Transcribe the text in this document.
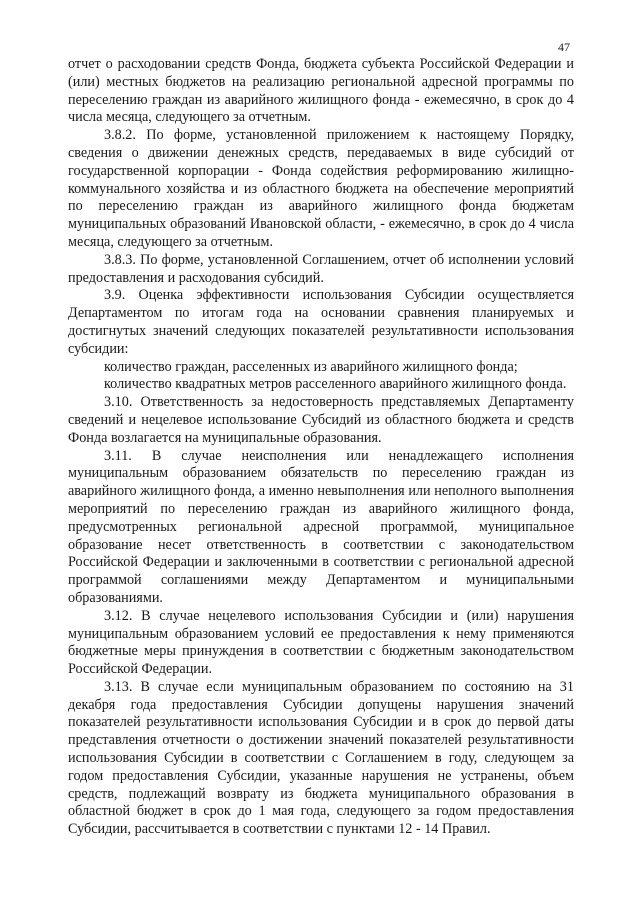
47

отчет о расходовании средств Фонда, бюджета субъекта Российской Федерации и (или) местных бюджетов на реализацию региональной адресной программы по переселению граждан из аварийного жилищного фонда - ежемесячно, в срок до 4 числа месяца, следующего за отчетным.

3.8.2. По форме, установленной приложением к настоящему Порядку, сведения о движении денежных средств, передаваемых в виде субсидий от государственной корпорации - Фонда содействия реформированию жилищно-коммунального хозяйства и из областного бюджета на обеспечение мероприятий по переселению граждан из аварийного жилищного фонда бюджетам муниципальных образований Ивановской области, - ежемесячно, в срок до 4 числа месяца, следующего за отчетным.

3.8.3. По форме, установленной Соглашением, отчет об исполнении условий предоставления и расходования субсидий.

3.9. Оценка эффективности использования Субсидии осуществляется Департаментом по итогам года на основании сравнения планируемых и достигнутых значений следующих показателей результативности использования субсидии:

количество граждан, расселенных из аварийного жилищного фонда;

количество квадратных метров расселенного аварийного жилищного фонда.

3.10. Ответственность за недостоверность представляемых Департаменту сведений и нецелевое использование Субсидий из областного бюджета и средств Фонда возлагается на муниципальные образования.

3.11. В случае неисполнения или ненадлежащего исполнения муниципальным образованием обязательств по переселению граждан из аварийного жилищного фонда, а именно невыполнения или неполного выполнения мероприятий по переселению граждан из аварийного жилищного фонда, предусмотренных региональной адресной программой, муниципальное образование несет ответственность в соответствии с законодательством Российской Федерации и заключенными в соответствии с региональной адресной программой соглашениями между Департаментом и муниципальными образованиями.

3.12. В случае нецелевого использования Субсидии и (или) нарушения муниципальным образованием условий ее предоставления к нему применяются бюджетные меры принуждения в соответствии с бюджетным законодательством Российской Федерации.

3.13. В случае если муниципальным образованием по состоянию на 31 декабря года предоставления Субсидии допущены нарушения значений показателей результативности использования Субсидии и в срок до первой даты представления отчетности о достижении значений показателей результативности использования Субсидии в соответствии с Соглашением в году, следующем за годом предоставления Субсидии, указанные нарушения не устранены, объем средств, подлежащий возврату из бюджета муниципального образования в областной бюджет в срок до 1 мая года, следующего за годом предоставления Субсидии, рассчитывается в соответствии с пунктами 12 - 14 Правил.
